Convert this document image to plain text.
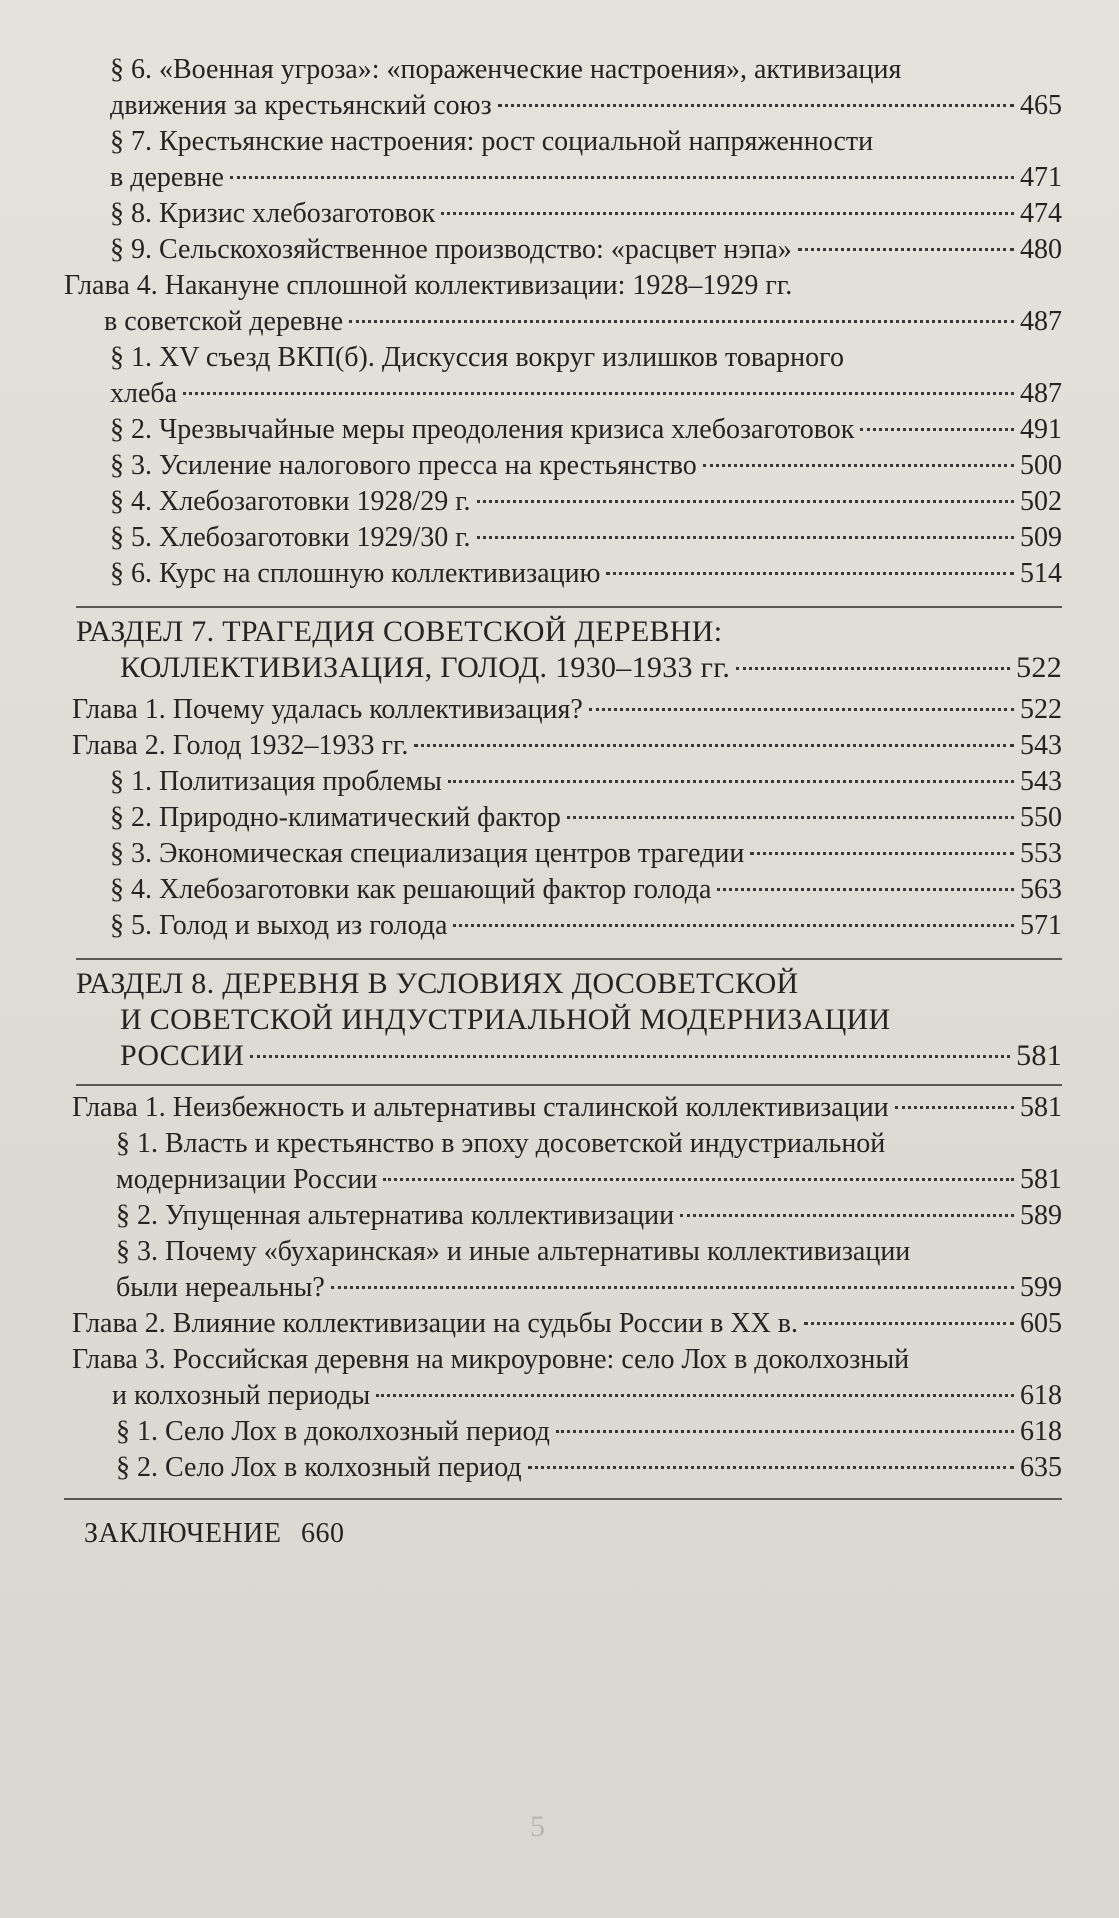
§ 6. «Военная угроза»: «пораженческие настроения», активизация
движения за крестьянский союз	465
§ 7. Крестьянские настроения: рост социальной напряженности
в деревне	471
§ 8. Кризис хлебозаготовок	474
§ 9. Сельскохозяйственное производство: «расцвет нэпа»	480
Глава 4. Накануне сплошной коллективизации: 1928–1929 гг.
в советской деревне	487
§ 1. XV съезд ВКП(б). Дискуссия вокруг излишков товарного
хлеба	487
§ 2. Чрезвычайные меры преодоления кризиса хлебозаготовок	491
§ 3. Усиление налогового пресса на крестьянство	500
§ 4. Хлебозаготовки 1928/29 г.	502
§ 5. Хлебозаготовки 1929/30 г.	509
§ 6. Курс на сплошную коллективизацию	514
РАЗДЕЛ 7. ТРАГЕДИЯ СОВЕТСКОЙ ДЕРЕВНИ:
КОЛЛЕКТИВИЗАЦИЯ, ГОЛОД. 1930–1933 гг.	522
Глава 1. Почему удалась коллективизация?	522
Глава 2. Голод 1932–1933 гг.	543
§ 1. Политизация проблемы	543
§ 2. Природно-климатический фактор	550
§ 3. Экономическая специализация центров трагедии	553
§ 4. Хлебозаготовки как решающий фактор голода	563
§ 5. Голод и выход из голода	571
РАЗДЕЛ 8. ДЕРЕВНЯ В УСЛОВИЯХ ДОСОВЕТСКОЙ
И СОВЕТСКОЙ ИНДУСТРИАЛЬНОЙ МОДЕРНИЗАЦИИ
РОССИИ	581
Глава 1. Неизбежность и альтернативы сталинской коллективизации	581
§ 1. Власть и крестьянство в эпоху досоветской индустриальной
модернизации России	581
§ 2. Упущенная альтернатива коллективизации	589
§ 3. Почему «бухаринская» и иные альтернативы коллективизации
были нереальны?	599
Глава 2. Влияние коллективизации на судьбы России в ХХ в.	605
Глава 3. Российская деревня на микроуровне: село Лох в доколхозный
и колхозный периоды	618
§ 1. Село Лох в доколхозный период	618
§ 2. Село Лох в колхозный период	635
ЗАКЛЮЧЕНИЕ 660
5
